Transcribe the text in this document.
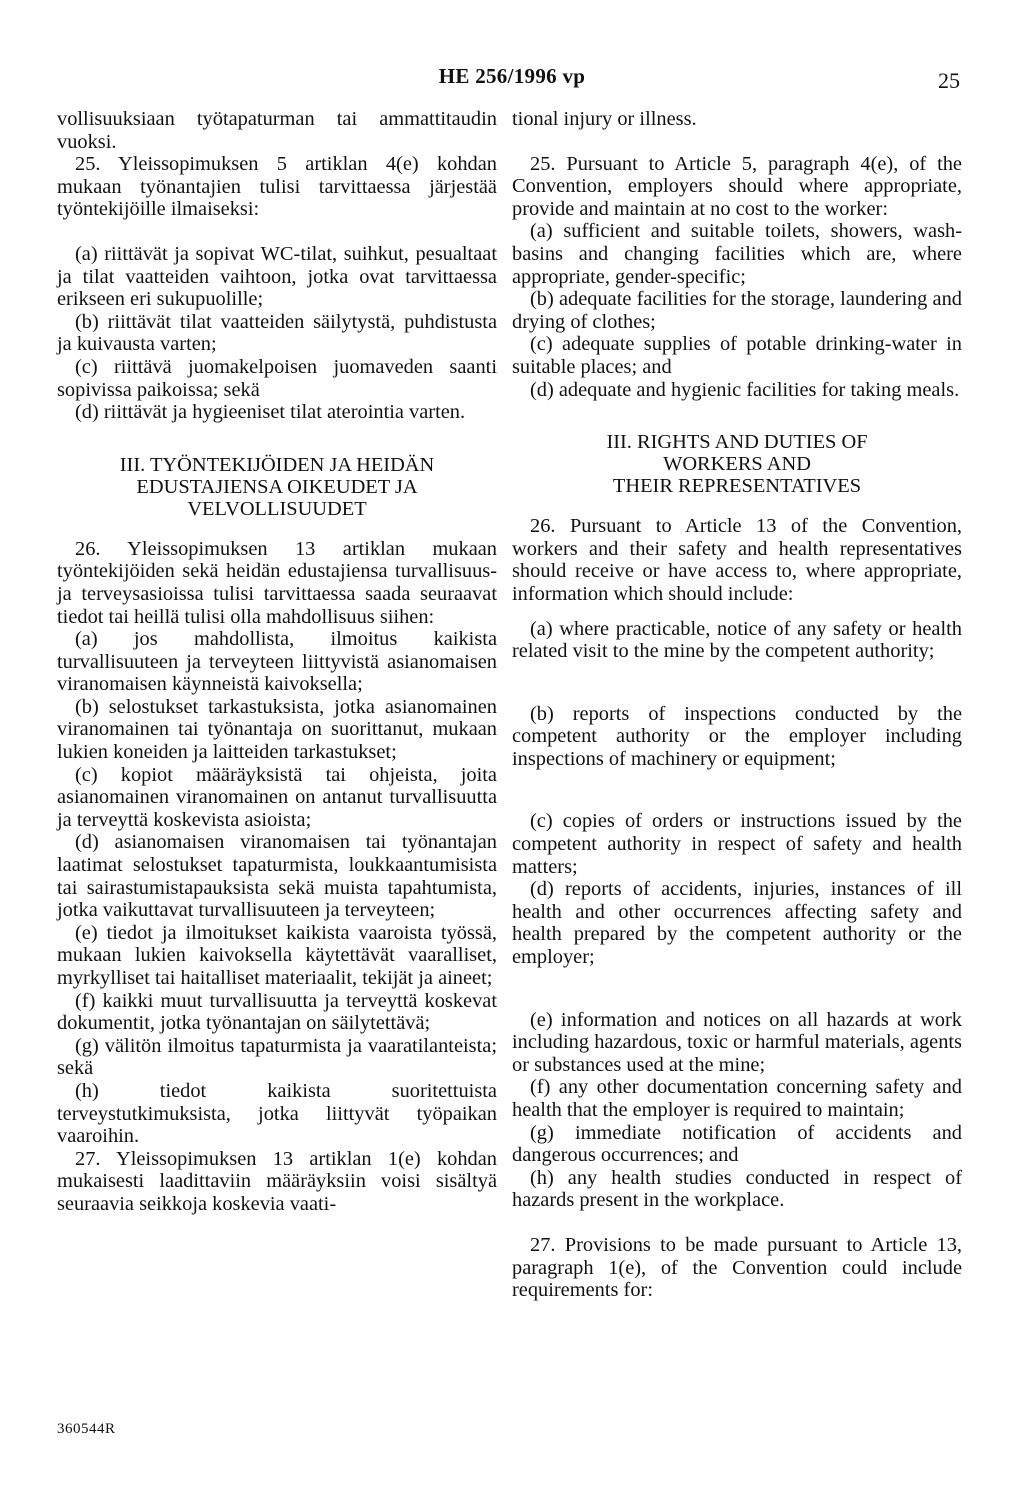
HE 256/1996 vp	25

vollisuuksiaan työtapaturman tai ammattitaudin vuoksi.

25. Yleissopimuksen 5 artiklan 4(e) kohdan mukaan työnantajien tulisi tarvittaessa järjestää työntekijöille ilmaiseksi:

(a) riittävät ja sopivat WC-tilat, suihkut, pesualtaat ja tilat vaatteiden vaihtoon, jotka ovat tarvittaessa erikseen eri sukupuolille;

(b) riittävät tilat vaatteiden säilytystä, puhdistusta ja kuivausta varten;

(c) riittävä juomakelpoisen juomaveden saanti sopivissa paikoissa; sekä

(d) riittävät ja hygieeniset tilat aterointia varten.

III. TYÖNTEKIJÖIDEN JA HEIDÄN
EDUSTAJIENSA OIKEUDET JA
VELVOLLISUUDET

26. Yleissopimuksen 13 artiklan mukaan työntekijöiden sekä heidän edustajiensa turvallisuus- ja terveysasioissa tulisi tarvittaessa saada seuraavat tiedot tai heillä tulisi olla mahdollisuus siihen:

(a) jos mahdollista, ilmoitus kaikista turvallisuuteen ja terveyteen liittyvistä asianomaisen viranomaisen käynneistä kaivoksella;

(b) selostukset tarkastuksista, jotka asianomainen viranomainen tai työnantaja on suorittanut, mukaan lukien koneiden ja laitteiden tarkastukset;

(c) kopiot määräyksistä tai ohjeista, joita asianomainen viranomainen on antanut turvallisuutta ja terveyttä koskevista asioista;

(d) asianomaisen viranomaisen tai työnantajan laatimat selostukset tapaturmista, loukkaantumisista tai sairastumistapauksista sekä muista tapahtumista, jotka vaikuttavat turvallisuuteen ja terveyteen;

(e) tiedot ja ilmoitukset kaikista vaaroista työssä, mukaan lukien kaivoksella käytettävät vaaralliset, myrkylliset tai haitalliset materiaalit, tekijät ja aineet;

(f) kaikki muut turvallisuutta ja terveyttä koskevat dokumentit, jotka työnantajan on säilytettävä;

(g) välitön ilmoitus tapaturmista ja vaaratilanteista; sekä

(h) tiedot kaikista suoritettuista terveystutkimuksista, jotka liittyvät työpaikan vaaroihin.

27. Yleissopimuksen 13 artiklan 1(e) kohdan mukaisesti laadittaviin määräyksiin voisi sisältyä seuraavia seikkoja koskevia vaati-

tional injury or illness.

25. Pursuant to Article 5, paragraph 4(e), of the Convention, employers should where appropriate, provide and maintain at no cost to the worker:

(a) sufficient and suitable toilets, showers, wash-basins and changing facilities which are, where appropriate, gender-specific;

(b) adequate facilities for the storage, laundering and drying of clothes;

(c) adequate supplies of potable drinking-water in suitable places; and

(d) adequate and hygienic facilities for taking meals.

III. RIGHTS AND DUTIES OF
WORKERS AND
THEIR REPRESENTATIVES

26. Pursuant to Article 13 of the Convention, workers and their safety and health representatives should receive or have access to, where appropriate, information which should include:

(a) where practicable, notice of any safety or health related visit to the mine by the competent authority;

(b) reports of inspections conducted by the competent authority or the employer including inspections of machinery or equipment;

(c) copies of orders or instructions issued by the competent authority in respect of safety and health matters;

(d) reports of accidents, injuries, instances of ill health and other occurrences affecting safety and health prepared by the competent authority or the employer;

(e) information and notices on all hazards at work including hazardous, toxic or harmful materials, agents or substances used at the mine;

(f) any other documentation concerning safety and health that the employer is required to maintain;

(g) immediate notification of accidents and dangerous occurrences; and

(h) any health studies conducted in respect of hazards present in the workplace.

27. Provisions to be made pursuant to Article 13, paragraph 1(e), of the Convention could include requirements for:

360544R
